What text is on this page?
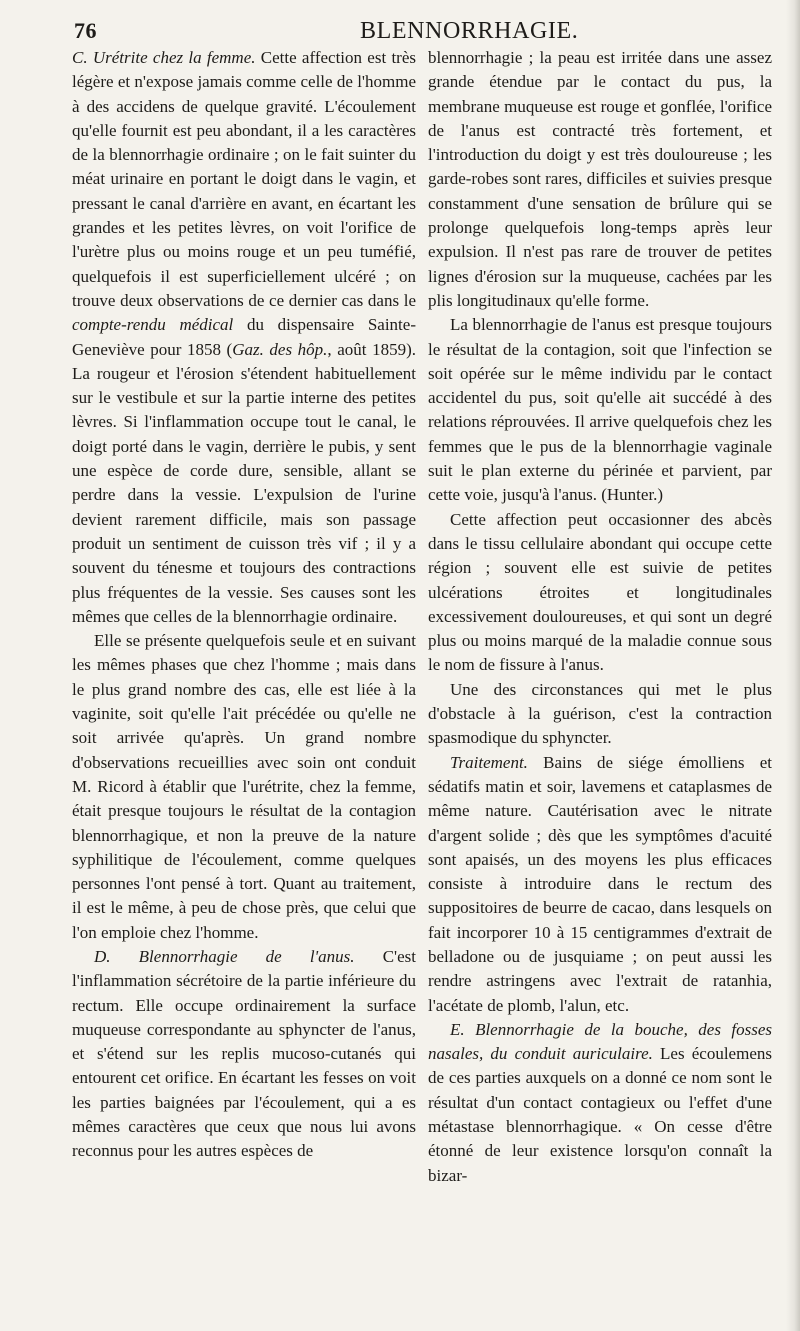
76	BLENNORRHAGIE.

C. Urétrite chez la femme. Cette affection est très légère et n'expose jamais comme celle de l'homme à des accidens de quelque gravité. L'écoulement qu'elle fournit est peu abondant, il a les caractères de la blennorrhagie ordinaire ; on le fait suinter du méat urinaire en portant le doigt dans le vagin, et pressant le canal d'arrière en avant, en écartant les grandes et les petites lèvres, on voit l'orifice de l'urètre plus ou moins rouge et un peu tuméfié, quelquefois il est superficiellement ulcéré ; on trouve deux observations de ce dernier cas dans le compte-rendu médical du dispensaire Sainte-Geneviève pour 1858 (Gaz. des hôp., août 1859). La rougeur et l'érosion s'étendent habituellement sur le vestibule et sur la partie interne des petites lèvres. Si l'inflammation occupe tout le canal, le doigt porté dans le vagin, derrière le pubis, y sent une espèce de corde dure, sensible, allant se perdre dans la vessie. L'expulsion de l'urine devient rarement difficile, mais son passage produit un sentiment de cuisson très vif ; il y a souvent du ténesme et toujours des contractions plus fréquentes de la vessie. Ses causes sont les mêmes que celles de la blennorrhagie ordinaire.

Elle se présente quelquefois seule et en suivant les mêmes phases que chez l'homme ; mais dans le plus grand nombre des cas, elle est liée à la vaginite, soit qu'elle l'ait précédée ou qu'elle ne soit arrivée qu'après. Un grand nombre d'observations recueillies avec soin ont conduit M. Ricord à établir que l'urétrite, chez la femme, était presque toujours le résultat de la contagion blennorrhagique, et non la preuve de la nature syphilitique de l'écoulement, comme quelques personnes l'ont pensé à tort. Quant au traitement, il est le même, à peu de chose près, que celui que l'on emploie chez l'homme.

D. Blennorrhagie de l'anus. C'est l'inflammation sécrétoire de la partie inférieure du rectum. Elle occupe ordinairement la surface muqueuse correspondante au sphyncter de l'anus, et s'étend sur les replis mucoso-cutanés qui entourent cet orifice. En écartant les fesses on voit les parties baignées par l'écoulement, qui a es mêmes caractères que ceux que nous lui avons reconnus pour les autres espèces de

blennorrhagie ; la peau est irritée dans une assez grande étendue par le contact du pus, la membrane muqueuse est rouge et gonflée, l'orifice de l'anus est contracté très fortement, et l'introduction du doigt y est très douloureuse ; les garde-robes sont rares, difficiles et suivies presque constamment d'une sensation de brûlure qui se prolonge quelquefois long-temps après leur expulsion. Il n'est pas rare de trouver de petites lignes d'érosion sur la muqueuse, cachées par les plis longitudinaux qu'elle forme.

La blennorrhagie de l'anus est presque toujours le résultat de la contagion, soit que l'infection se soit opérée sur le même individu par le contact accidentel du pus, soit qu'elle ait succédé à des relations réprouvées. Il arrive quelquefois chez les femmes que le pus de la blennorrhagie vaginale suit le plan externe du périnée et parvient, par cette voie, jusqu'à l'anus. (Hunter.)

Cette affection peut occasionner des abcès dans le tissu cellulaire abondant qui occupe cette région ; souvent elle est suivie de petites ulcérations étroites et longitudinales excessivement douloureuses, et qui sont un degré plus ou moins marqué de la maladie connue sous le nom de fissure à l'anus.

Une des circonstances qui met le plus d'obstacle à la guérison, c'est la contraction spasmodique du sphyncter.

Traitement. Bains de siége émolliens et sédatifs matin et soir, lavemens et cataplasmes de même nature. Cautérisation avec le nitrate d'argent solide ; dès que les symptômes d'acuité sont apaisés, un des moyens les plus efficaces consiste à introduire dans le rectum des suppositoires de beurre de cacao, dans lesquels on fait incorporer 10 à 15 centigrammes d'extrait de belladone ou de jusquiame ; on peut aussi les rendre astringens avec l'extrait de ratanhia, l'acétate de plomb, l'alun, etc.

E. Blennorrhagie de la bouche, des fosses nasales, du conduit auriculaire. Les écoulemens de ces parties auxquels on a donné ce nom sont le résultat d'un contact contagieux ou l'effet d'une métastase blennorrhagique. « On cesse d'être étonné de leur existence lorsqu'on connaît la bizar-
